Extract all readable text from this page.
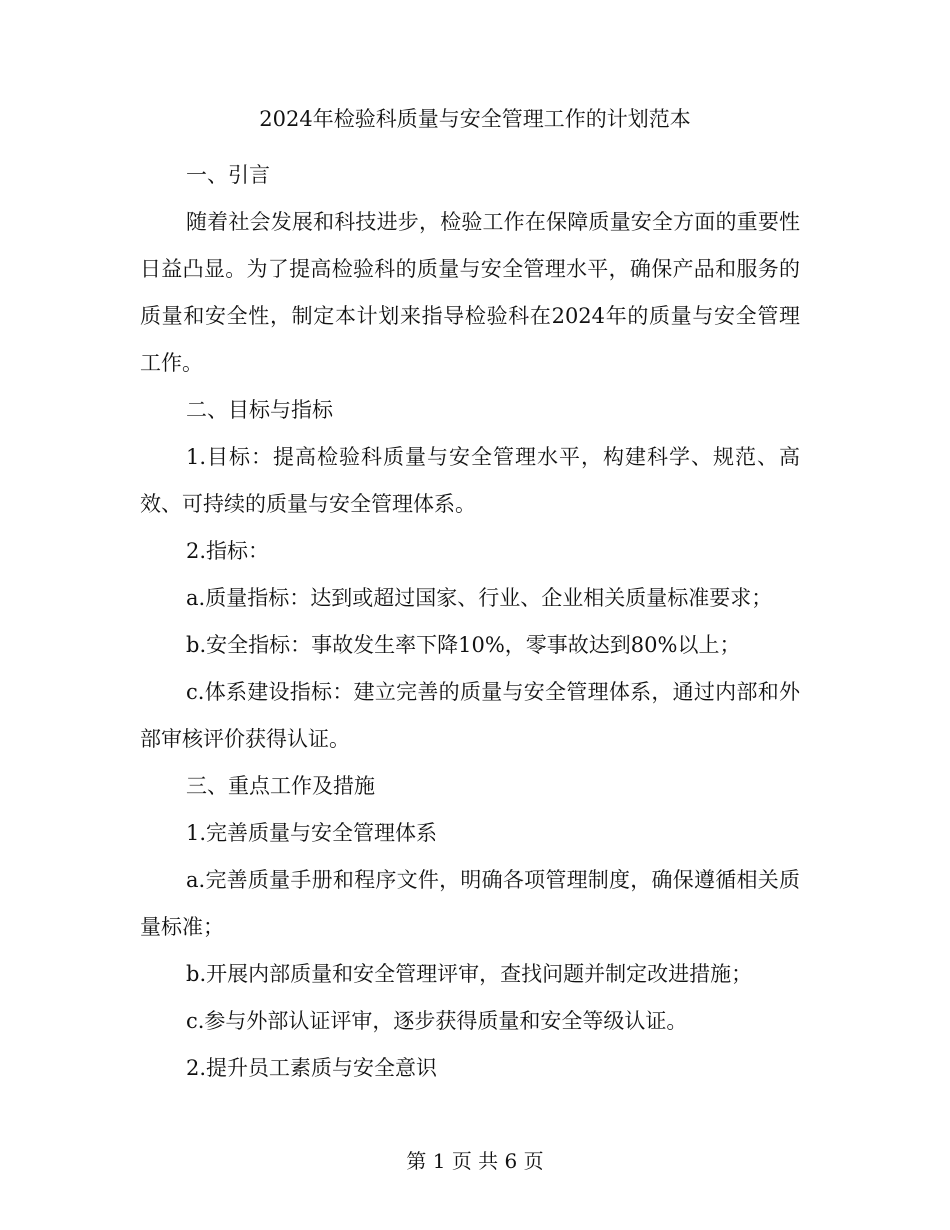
2024年检验科质量与安全管理工作的计划范本

一、引言

随着社会发展和科技进步，检验工作在保障质量安全方面的重要性日益凸显。为了提高检验科的质量与安全管理水平，确保产品和服务的质量和安全性，制定本计划来指导检验科在2024年的质量与安全管理工作。

二、目标与指标

1.目标：提高检验科质量与安全管理水平，构建科学、规范、高效、可持续的质量与安全管理体系。

2.指标：

a.质量指标：达到或超过国家、行业、企业相关质量标准要求；

b.安全指标：事故发生率下降10%，零事故达到80%以上；

c.体系建设指标：建立完善的质量与安全管理体系，通过内部和外部审核评价获得认证。

三、重点工作及措施

1.完善质量与安全管理体系

a.完善质量手册和程序文件，明确各项管理制度，确保遵循相关质量标准；

b.开展内部质量和安全管理评审，查找问题并制定改进措施；

c.参与外部认证评审，逐步获得质量和安全等级认证。

2.提升员工素质与安全意识

第 1 页 共 6 页
